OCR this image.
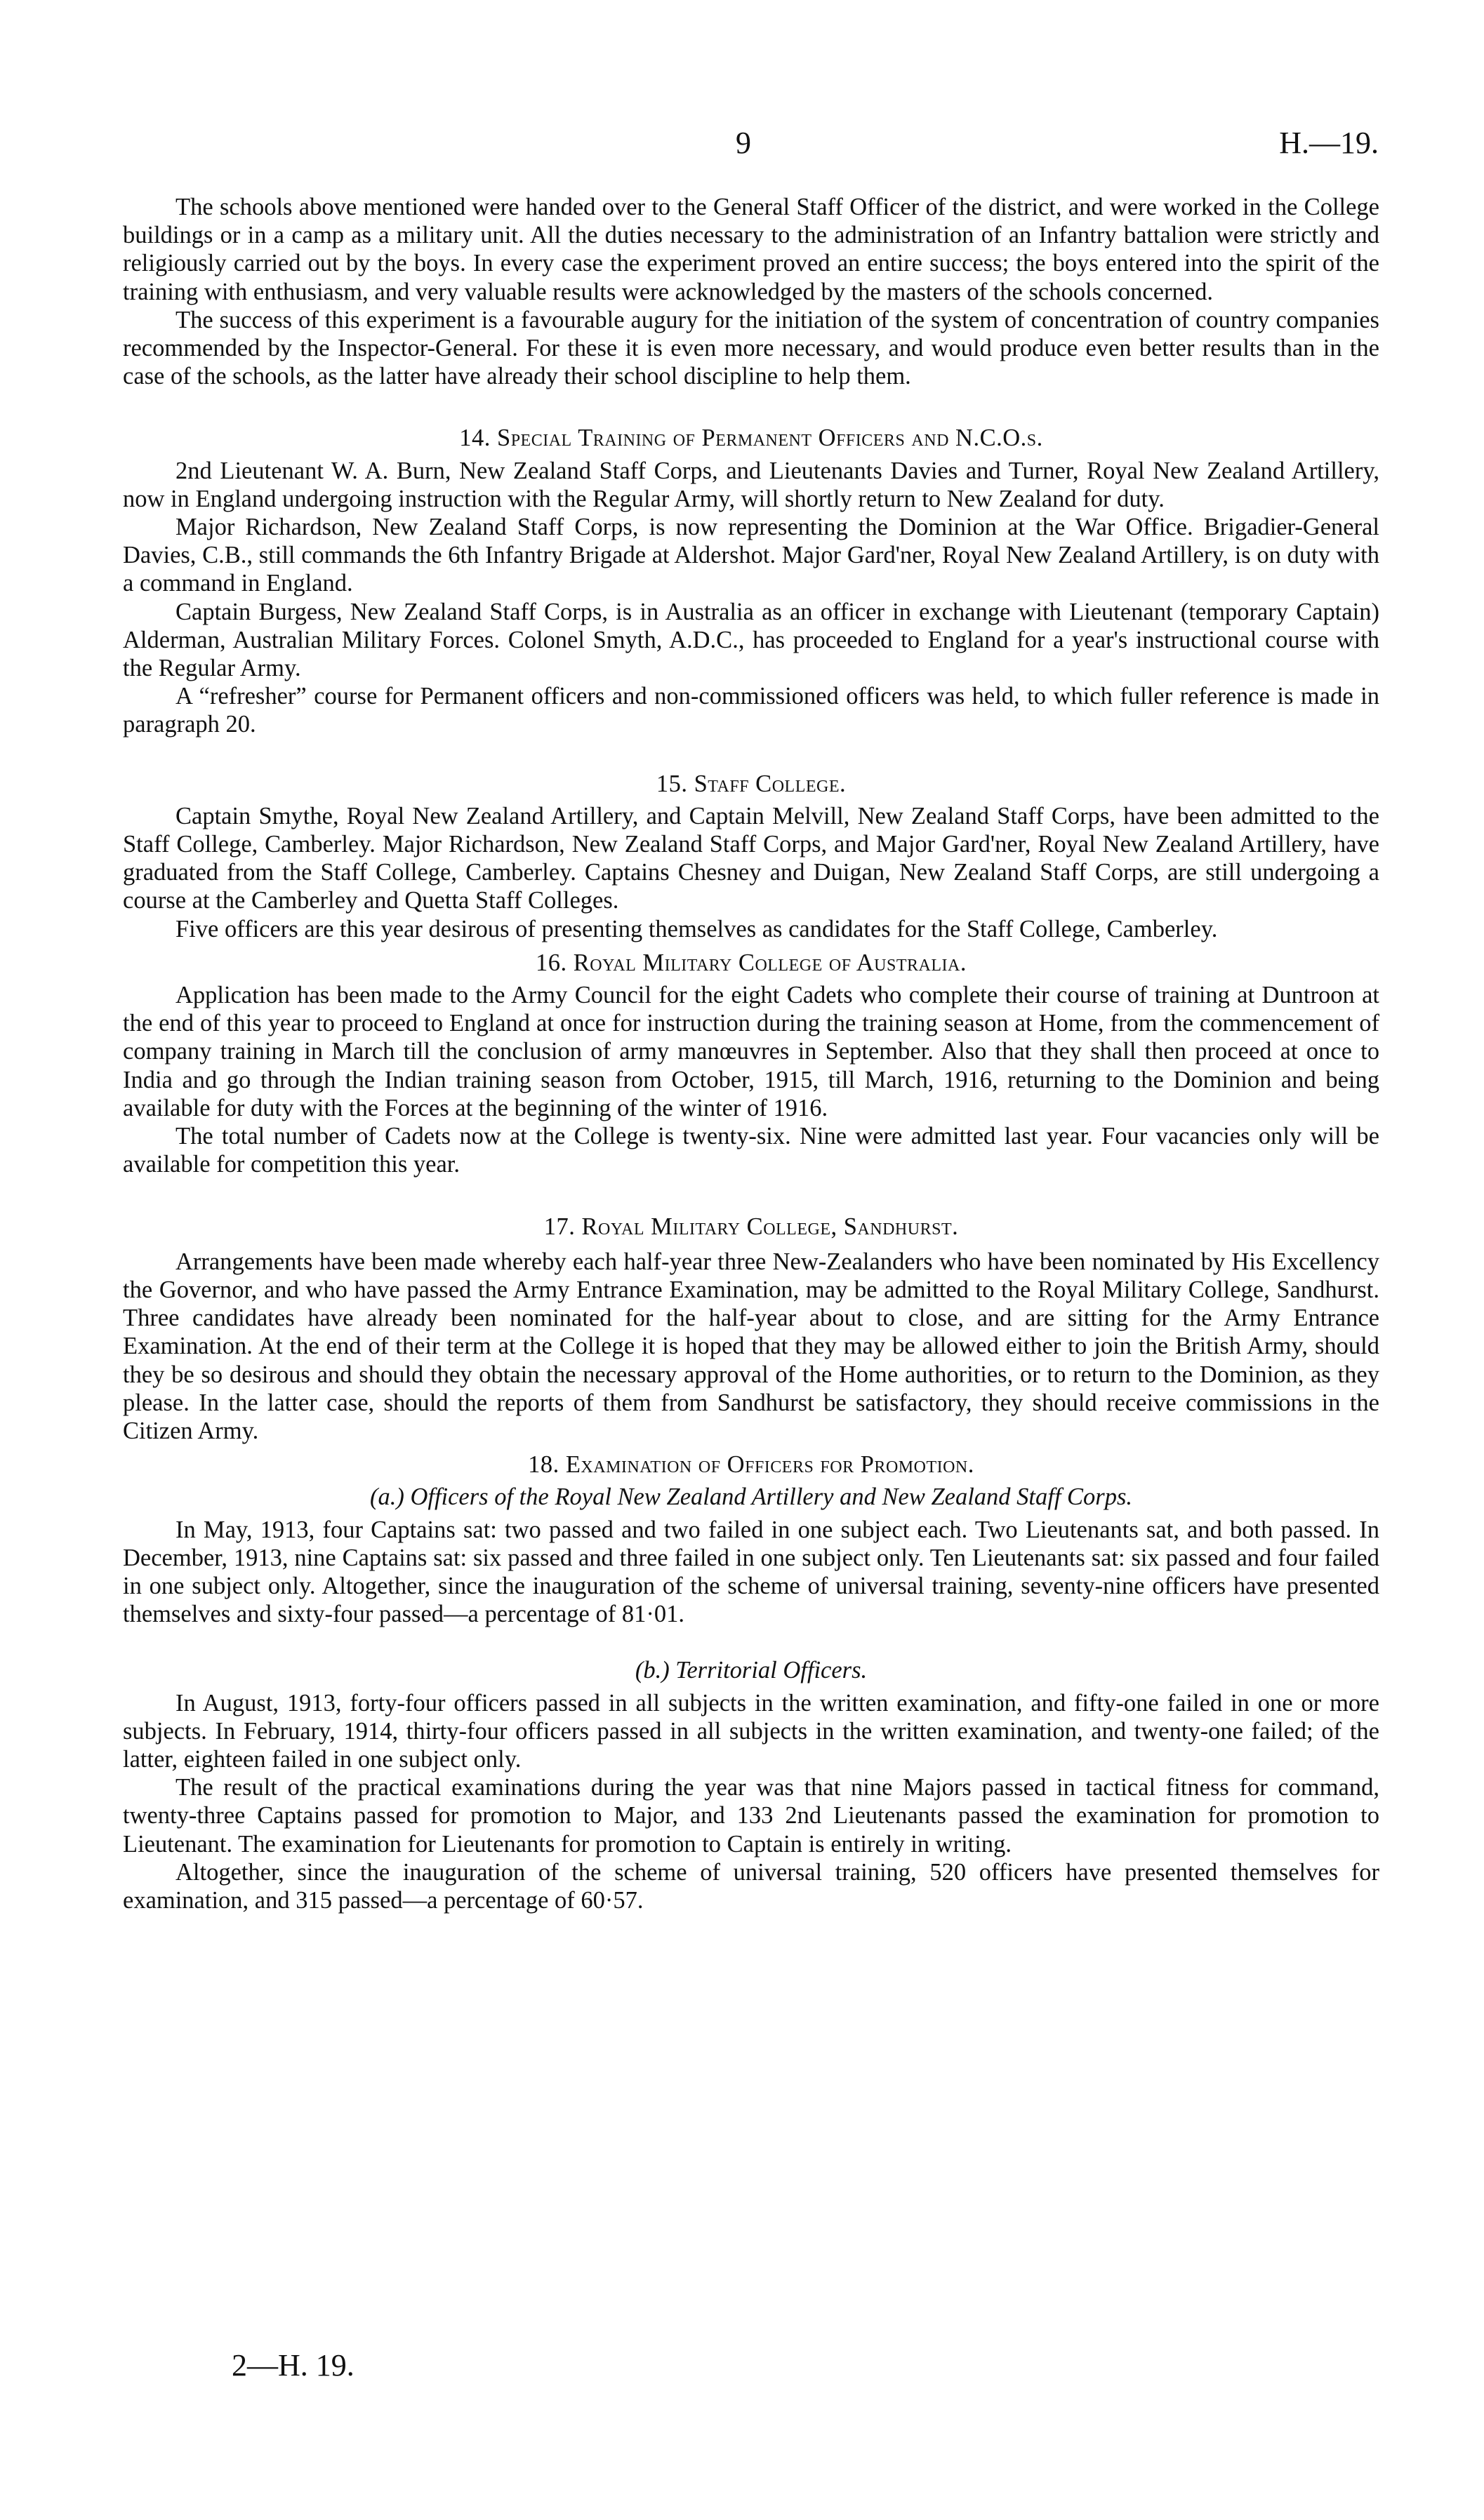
9	H.—19.

The schools above mentioned were handed over to the General Staff Officer of the district, and were worked in the College buildings or in a camp as a military unit. All the duties necessary to the administration of an Infantry battalion were strictly and religiously carried out by the boys. In every case the experiment proved an entire success; the boys entered into the spirit of the training with enthusiasm, and very valuable results were acknowledged by the masters of the schools concerned.

The success of this experiment is a favourable augury for the initiation of the system of concentration of country companies recommended by the Inspector-General. For these it is even more necessary, and would produce even better results than in the case of the schools, as the latter have already their school discipline to help them.

14. Special Training of Permanent Officers and N.C.O.s.

2nd Lieutenant W. A. Burn, New Zealand Staff Corps, and Lieutenants Davies and Turner, Royal New Zealand Artillery, now in England undergoing instruction with the Regular Army, will shortly return to New Zealand for duty.

Major Richardson, New Zealand Staff Corps, is now representing the Dominion at the War Office. Brigadier-General Davies, C.B., still commands the 6th Infantry Brigade at Aldershot. Major Gard'ner, Royal New Zealand Artillery, is on duty with a command in England.

Captain Burgess, New Zealand Staff Corps, is in Australia as an officer in exchange with Lieutenant (temporary Captain) Alderman, Australian Military Forces. Colonel Smyth, A.D.C., has proceeded to England for a year's instructional course with the Regular Army.

A “refresher” course for Permanent officers and non-commissioned officers was held, to which fuller reference is made in paragraph 20.

15. Staff College.

Captain Smythe, Royal New Zealand Artillery, and Captain Melvill, New Zealand Staff Corps, have been admitted to the Staff College, Camberley. Major Richardson, New Zealand Staff Corps, and Major Gard'ner, Royal New Zealand Artillery, have graduated from the Staff College, Camberley. Captains Chesney and Duigan, New Zealand Staff Corps, are still undergoing a course at the Camberley and Quetta Staff Colleges.

Five officers are this year desirous of presenting themselves as candidates for the Staff College, Camberley.

16. Royal Military College of Australia.

Application has been made to the Army Council for the eight Cadets who complete their course of training at Duntroon at the end of this year to proceed to England at once for instruction during the training season at Home, from the commencement of company training in March till the conclusion of army manœuvres in September. Also that they shall then proceed at once to India and go through the Indian training season from October, 1915, till March, 1916, returning to the Dominion and being available for duty with the Forces at the beginning of the winter of 1916.

The total number of Cadets now at the College is twenty-six. Nine were admitted last year. Four vacancies only will be available for competition this year.

17. Royal Military College, Sandhurst.

Arrangements have been made whereby each half-year three New-Zealanders who have been nominated by His Excellency the Governor, and who have passed the Army Entrance Examination, may be admitted to the Royal Military College, Sandhurst. Three candidates have already been nominated for the half-year about to close, and are sitting for the Army Entrance Examination. At the end of their term at the College it is hoped that they may be allowed either to join the British Army, should they be so desirous and should they obtain the necessary approval of the Home authorities, or to return to the Dominion, as they please. In the latter case, should the reports of them from Sandhurst be satisfactory, they should receive commissions in the Citizen Army.

18. Examination of Officers for Promotion.
(a.) Officers of the Royal New Zealand Artillery and New Zealand Staff Corps.

In May, 1913, four Captains sat: two passed and two failed in one subject each. Two Lieutenants sat, and both passed. In December, 1913, nine Captains sat: six passed and three failed in one subject only. Ten Lieutenants sat: six passed and four failed in one subject only. Altogether, since the inauguration of the scheme of universal training, seventy-nine officers have presented themselves and sixty-four passed—a percentage of 81·01.

(b.) Territorial Officers.

In August, 1913, forty-four officers passed in all subjects in the written examination, and fifty-one failed in one or more subjects. In February, 1914, thirty-four officers passed in all subjects in the written examination, and twenty-one failed; of the latter, eighteen failed in one subject only.

The result of the practical examinations during the year was that nine Majors passed in tactical fitness for command, twenty-three Captains passed for promotion to Major, and 133 2nd Lieutenants passed the examination for promotion to Lieutenant. The examination for Lieutenants for promotion to Captain is entirely in writing.

Altogether, since the inauguration of the scheme of universal training, 520 officers have presented themselves for examination, and 315 passed—a percentage of 60·57.

2—H. 19.
